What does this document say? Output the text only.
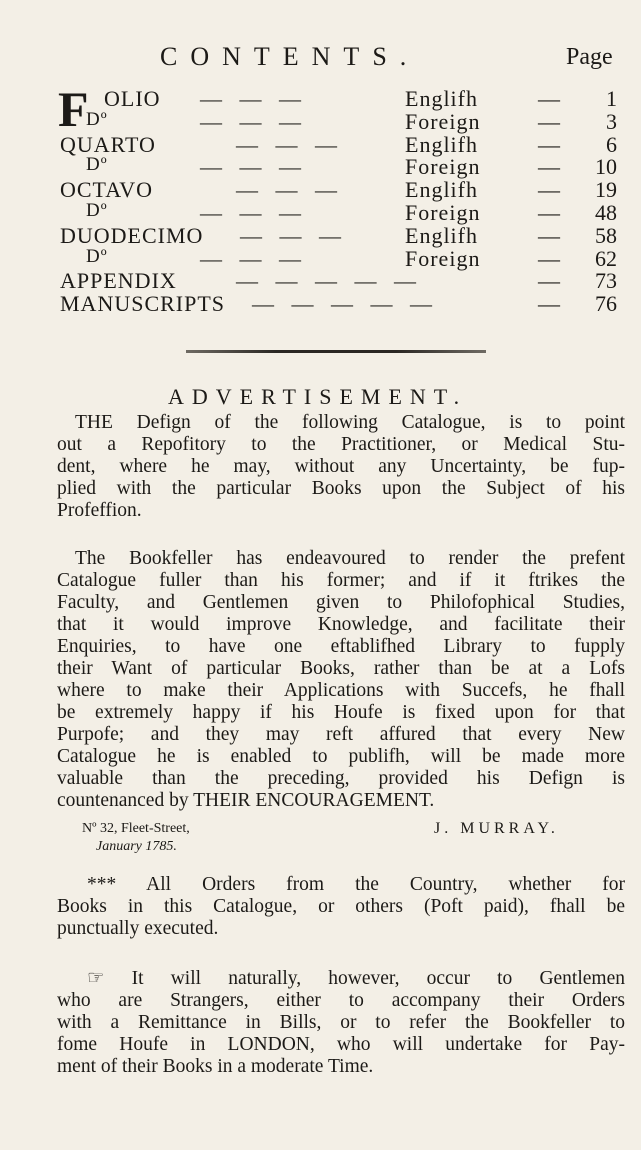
CONTENTS.	Page
F OLIO — — —	Englifh	—	1
Dº	— — —	Foreign	—	3
QUARTO	— — —	Englifh	—	6
Dº	— — —	Foreign	—	10
OCTAVO	— — —	Englifh	—	19
Dº	— — —	Foreign	—	48
DUODECIMO — — —	Englifh	—	58
Dº	— — —	Foreign	—	62
APPENDIX	— — — — —	—	73
MANUSCRIPTS — — — — —	—	76
ADVERTISEMENT.
THE Defign of the following Catalogue, is to point
out a Repofitory to the Practitioner, or Medical Stu-
dent, where he may, without any Uncertainty, be fup-
plied with the particular Books upon the Subject of his
Profeffion.
The Bookfeller has endeavoured to render the prefent
Catalogue fuller than his former; and if it ftrikes the
Faculty, and Gentlemen given to Philofophical Studies,
that it would improve Knowledge, and facilitate their
Enquiries, to have one eftablifhed Library to fupply
their Want of particular Books, rather than be at a Lofs
where to make their Applications with Succefs, he fhall
be extremely happy if his Houfe is fixed upon for that
Purpofe; and they may reft affured that every New
Catalogue he is enabled to publifh, will be made more
valuable than the preceding, provided his Defign is
countenanced by THEIR ENCOURAGEMENT.
Nº 32, Fleet-Street,
January 1785.
J. MURRAY.
*** All Orders from the Country, whether for
Books in this Catalogue, or others (Poft paid), fhall be
punctually executed.
☞ It will naturally, however, occur to Gentlemen
who are Strangers, either to accompany their Orders
with a Remittance in Bills, or to refer the Bookfeller to
fome Houfe in LONDON, who will undertake for Pay-
ment of their Books in a moderate Time.
